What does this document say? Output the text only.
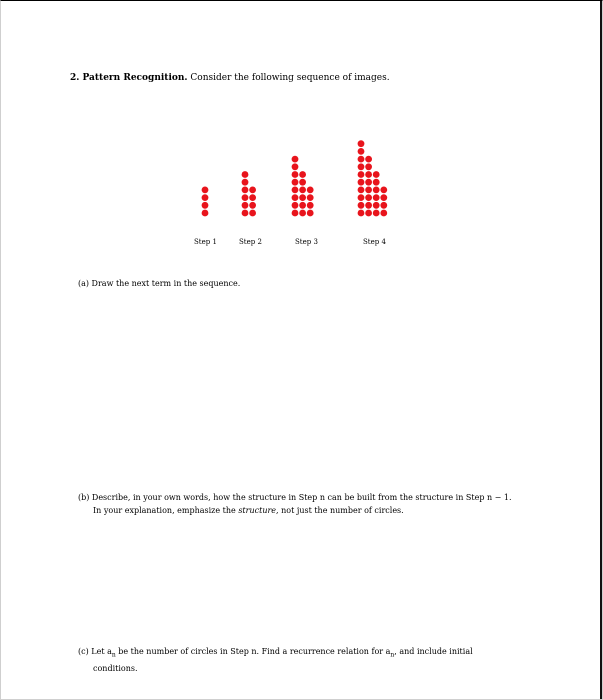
2. Pattern Recognition. Consider the following sequence of images.
Step 1	Step 2	Step 3	Step 4
(a) Draw the next term in the sequence.
(b) Describe, in your own words, how the structure in Step n can be built from the structure in Step n − 1.
In your explanation, emphasize the structure, not just the number of circles.
(c) Let $a_n$ be the number of circles in Step n. Find a recurrence relation for $a_n$, and include initial
conditions.
